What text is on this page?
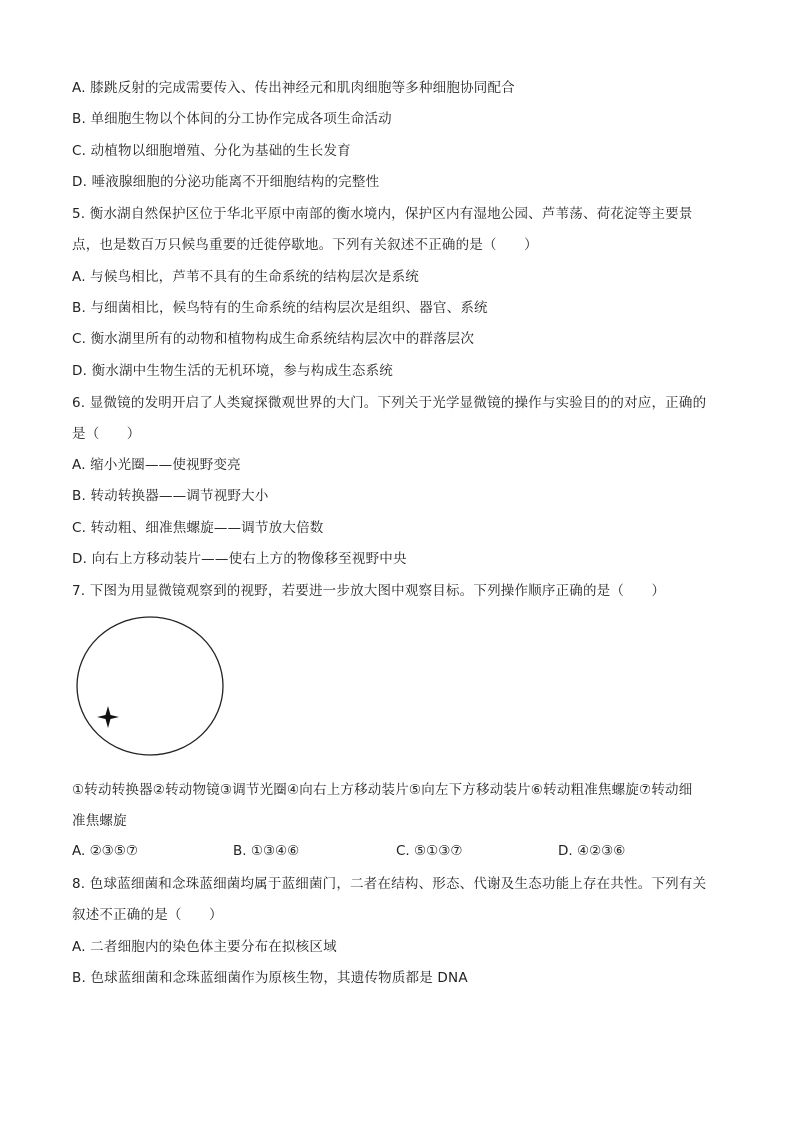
A. 膝跳反射的完成需要传入、传出神经元和肌肉细胞等多种细胞协同配合
B. 单细胞生物以个体间的分工协作完成各项生命活动
C. 动植物以细胞增殖、分化为基础的生长发育
D. 唾液腺细胞的分泌功能离不开细胞结构的完整性
5. 衡水湖自然保护区位于华北平原中南部的衡水境内，保护区内有湿地公园、芦苇荡、荷花淀等主要景
点，也是数百万只候鸟重要的迁徙停歇地。下列有关叙述不正确的是（　　）
A. 与候鸟相比，芦苇不具有的生命系统的结构层次是系统
B. 与细菌相比，候鸟特有的生命系统的结构层次是组织、器官、系统
C. 衡水湖里所有的动物和植物构成生命系统结构层次中的群落层次
D. 衡水湖中生物生活的无机环境，参与构成生态系统
6. 显微镜的发明开启了人类窥探微观世界的大门。下列关于光学显微镜的操作与实验目的的对应，正确的
是（　　）
A. 缩小光圈——使视野变亮
B. 转动转换器——调节视野大小
C. 转动粗、细准焦螺旋——调节放大倍数
D. 向右上方移动装片——使右上方的物像移至视野中央
7. 下图为用显微镜观察到的视野，若要进一步放大图中观察目标。下列操作顺序正确的是（　　）
①转动转换器②转动物镜③调节光圈④向右上方移动装片⑤向左下方移动装片⑥转动粗准焦螺旋⑦转动细
准焦螺旋
A. ②③⑤⑦	B. ①③④⑥	C. ⑤①③⑦	D. ④②③⑥
8. 色球蓝细菌和念珠蓝细菌均属于蓝细菌门，二者在结构、形态、代谢及生态功能上存在共性。下列有关
叙述不正确的是（　　）
A. 二者细胞内的染色体主要分布在拟核区域
B. 色球蓝细菌和念珠蓝细菌作为原核生物，其遗传物质都是 DNA
